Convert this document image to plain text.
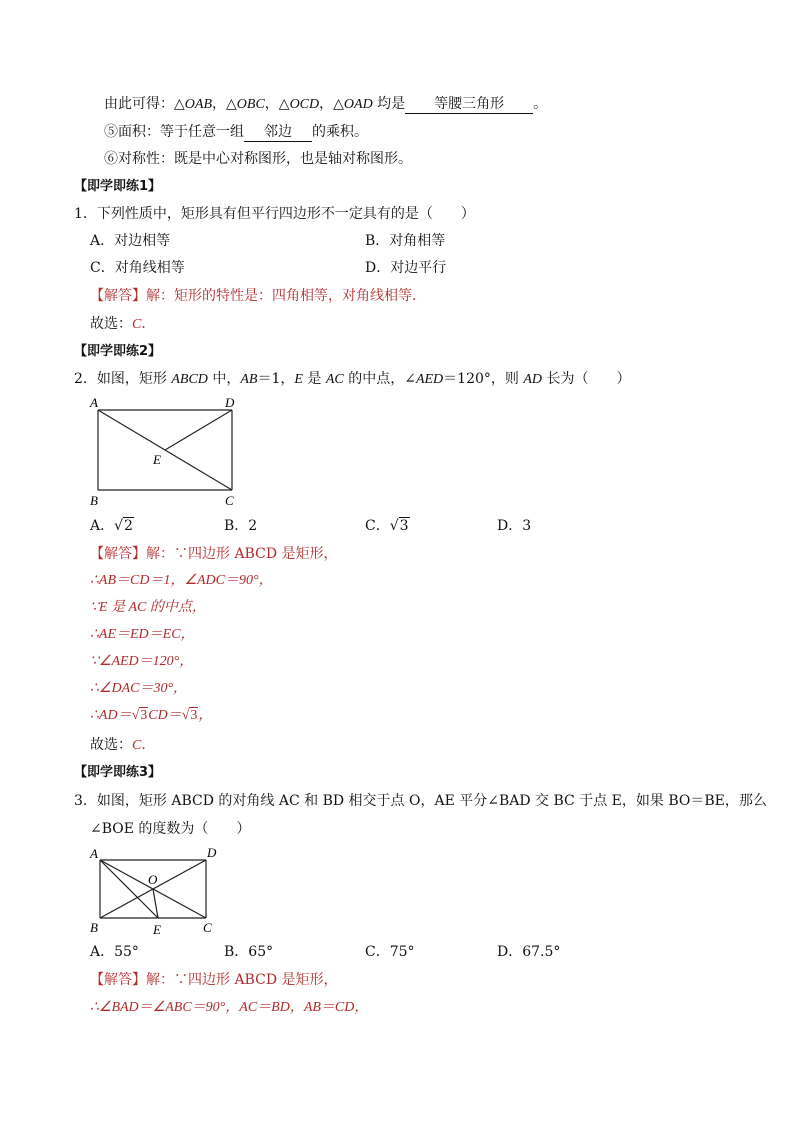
由此可得：△OAB，△OBC，△OCD，△OAD 均是 等腰三角形 。
⑤面积：等于任意一组 邻边 的乘积。
⑥对称性：既是中心对称图形，也是轴对称图形。
【即学即练1】
1．下列性质中，矩形具有但平行四边形不一定具有的是（　　）
A．对边相等	B．对角相等
C．对角线相等	D．对边平行
【解答】解：矩形的特性是：四角相等，对角线相等．
故选：C．
【即学即练2】
2．如图，矩形 ABCD 中，AB＝1，E 是 AC 的中点，∠AED＝120°，则 AD 长为（　　）
A	D
E
B	C
A．√2	B．2	C．√3	D．3
【解答】解：∵四边形 ABCD 是矩形，
∴AB＝CD＝1，∠ADC＝90°，
∵E 是 AC 的中点，
∴AE＝ED＝EC，
∵∠AED＝120°，
∴∠DAC＝30°，
∴AD＝√3CD＝√3，
故选：C．
【即学即练3】
3．如图，矩形 ABCD 的对角线 AC 和 BD 相交于点 O，AE 平分∠BAD 交 BC 于点 E，如果 BO＝BE，那么
∠BOE 的度数为（　　）
A	D
O
B	E	C
A．55°	B．65°	C．75°	D．67.5°
【解答】解：∵四边形 ABCD 是矩形，
∴∠BAD＝∠ABC＝90°，AC＝BD，AB＝CD，
